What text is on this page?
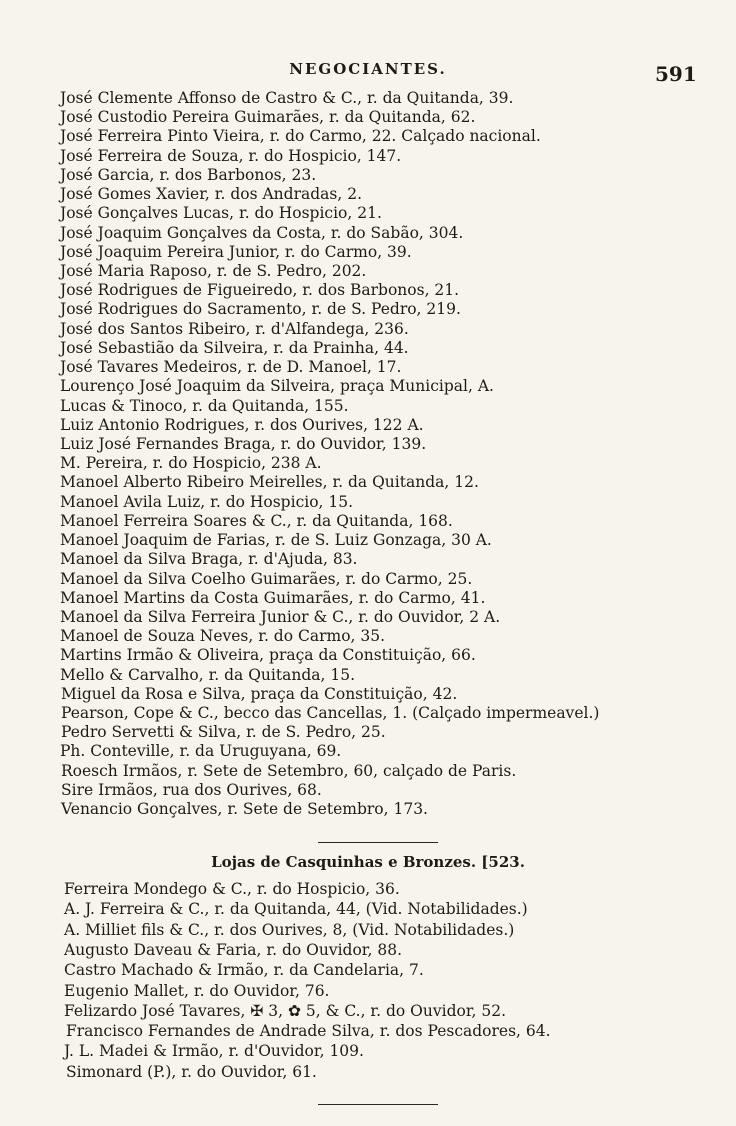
NEGOCIANTES.	591
José Clemente Affonso de Castro & C., r. da Quitanda, 39.
José Custodio Pereira Guimarães, r. da Quitanda, 62.
José Ferreira Pinto Vieira, r. do Carmo, 22. Calçado nacional.
José Ferreira de Souza, r. do Hospicio, 147.
José Garcia, r. dos Barbonos, 23.
José Gomes Xavier, r. dos Andradas, 2.
José Gonçalves Lucas, r. do Hospicio, 21.
José Joaquim Gonçalves da Costa, r. do Sabão, 304.
José Joaquim Pereira Junior, r. do Carmo, 39.
José Maria Raposo, r. de S. Pedro, 202.
José Rodrigues de Figueiredo, r. dos Barbonos, 21.
José Rodrigues do Sacramento, r. de S. Pedro, 219.
José dos Santos Ribeiro, r. d'Alfandega, 236.
José Sebastião da Silveira, r. da Prainha, 44.
José Tavares Medeiros, r. de D. Manoel, 17.
Lourenço José Joaquim da Silveira, praça Municipal, A.
Lucas & Tinoco, r. da Quitanda, 155.
Luiz Antonio Rodrigues, r. dos Ourives, 122 A.
Luiz José Fernandes Braga, r. do Ouvidor, 139.
M. Pereira, r. do Hospicio, 238 A.
Manoel Alberto Ribeiro Meirelles, r. da Quitanda, 12.
Manoel Avila Luiz, r. do Hospicio, 15.
Manoel Ferreira Soares & C., r. da Quitanda, 168.
Manoel Joaquim de Farias, r. de S. Luiz Gonzaga, 30 A.
Manoel da Silva Braga, r. d'Ajuda, 83.
Manoel da Silva Coelho Guimarães, r. do Carmo, 25.
Manoel Martins da Costa Guimarães, r. do Carmo, 41.
Manoel da Silva Ferreira Junior & C., r. do Ouvidor, 2 A.
Manoel de Souza Neves, r. do Carmo, 35.
Martins Irmão & Oliveira, praça da Constituição, 66.
Mello & Carvalho, r. da Quitanda, 15.
Miguel da Rosa e Silva, praça da Constituição, 42.
Pearson, Cope & C., becco das Cancellas, 1. (Calçado impermeavel.)
Pedro Servetti & Silva, r. de S. Pedro, 25.
Ph. Conteville, r. da Uruguyana, 69.
Roesch Irmãos, r. Sete de Setembro, 60, calçado de Paris.
Sire Irmãos, rua dos Ourives, 68.
Venancio Gonçalves, r. Sete de Setembro, 173.
Lojas de Casquinhas e Bronzes. [523.
Ferreira Mondego & C., r. do Hospicio, 36.
A. J. Ferreira & C., r. da Quitanda, 44, (Vid. Notabilidades.)
A. Milliet fils & C., r. dos Ourives, 8, (Vid. Notabilidades.)
Augusto Daveau & Faria, r. do Ouvidor, 88.
Castro Machado & Irmão, r. da Candelaria, 7.
Eugenio Mallet, r. do Ouvidor, 76.
Felizardo José Tavares, ✠ 3, ✿ 5, & C., r. do Ouvidor, 52.
Francisco Fernandes de Andrade Silva, r. dos Pescadores, 64.
J. L. Madei & Irmão, r. d'Ouvidor, 109.
Simonard (P.), r. do Ouvidor, 61.
